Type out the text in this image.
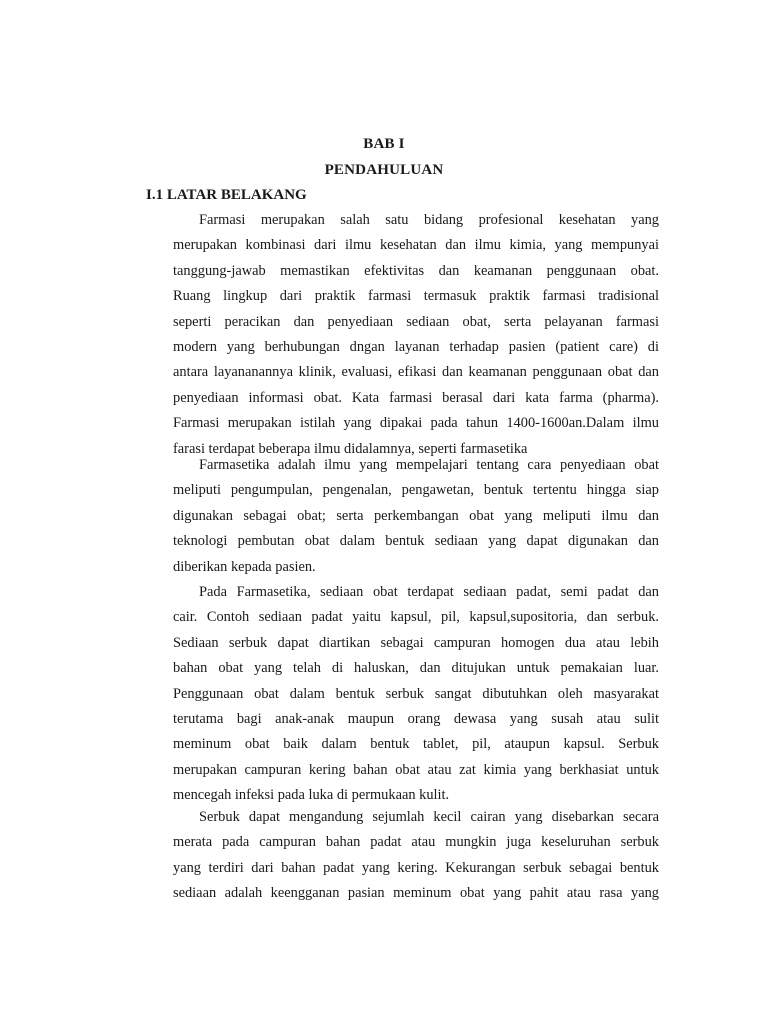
BAB I
PENDAHULUAN
I.1 LATAR BELAKANG
Farmasi merupakan salah satu bidang profesional kesehatan yang
merupakan kombinasi dari ilmu kesehatan dan ilmu kimia, yang mempunyai
tanggung-jawab memastikan efektivitas dan keamanan penggunaan obat.
Ruang lingkup dari praktik farmasi termasuk praktik farmasi tradisional
seperti peracikan dan penyediaan sediaan obat, serta pelayanan farmasi
modern yang berhubungan dngan layanan terhadap pasien (patient care) di
antara layananannya klinik, evaluasi, efikasi dan keamanan penggunaan obat dan
penyediaan informasi obat. Kata farmasi berasal dari kata farma (pharma).
Farmasi merupakan istilah yang dipakai pada tahun 1400-1600an.Dalam ilmu
farasi terdapat beberapa ilmu didalamnya, seperti farmasetika
Farmasetika adalah ilmu yang mempelajari tentang cara penyediaan obat
meliputi pengumpulan, pengenalan, pengawetan, bentuk tertentu hingga siap
digunakan sebagai obat; serta perkembangan obat yang meliputi ilmu dan
teknologi pembutan obat dalam bentuk sediaan yang dapat digunakan dan
diberikan kepada pasien.
Pada Farmasetika, sediaan obat terdapat sediaan padat, semi padat dan
cair. Contoh sediaan padat yaitu kapsul, pil, kapsul,supositoria, dan serbuk.
Sediaan serbuk dapat diartikan sebagai campuran homogen dua atau lebih
bahan obat yang telah di haluskan, dan ditujukan untuk pemakaian luar.
Penggunaan obat dalam bentuk serbuk sangat dibutuhkan oleh masyarakat
terutama bagi anak-anak maupun orang dewasa yang susah atau sulit
meminum obat baik dalam bentuk tablet, pil, ataupun kapsul. Serbuk
merupakan campuran kering bahan obat atau zat kimia yang berkhasiat untuk
mencegah infeksi pada luka di permukaan kulit.
Serbuk dapat mengandung sejumlah kecil cairan yang disebarkan secara
merata pada campuran bahan padat atau mungkin juga keseluruhan serbuk
yang terdiri dari bahan padat yang kering. Kekurangan serbuk sebagai bentuk
sediaan adalah keengganan pasian meminum obat yang pahit atau rasa yang
